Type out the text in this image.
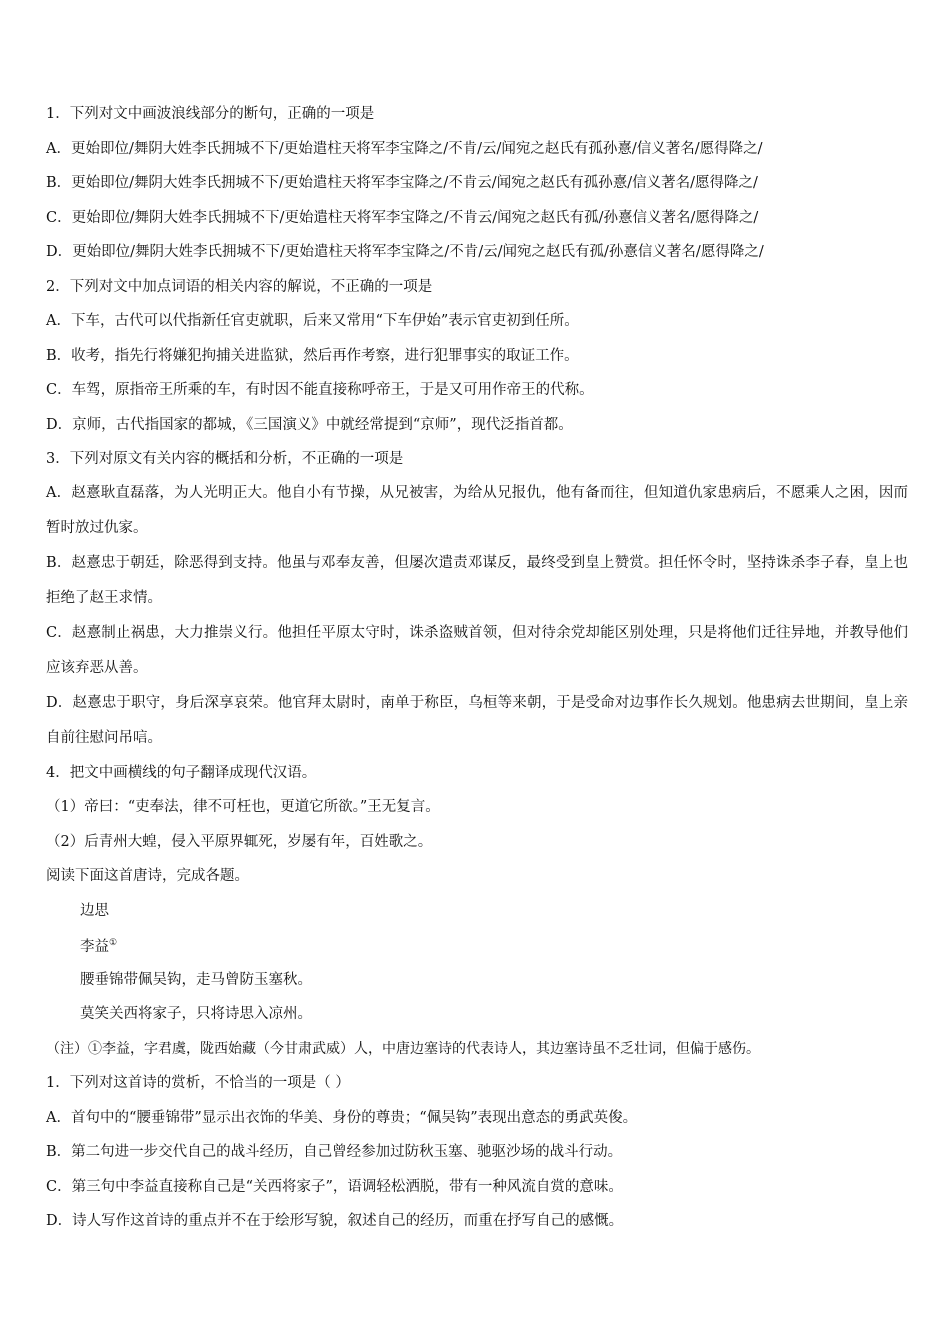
1．下列对文中画波浪线部分的断句，正确的一项是

A．更始即位/舞阴大姓李氏拥城不下/更始遣柱天将军李宝降之/不肯/云/闻宛之赵氏有孤孙憙/信义著名/愿得降之/

B．更始即位/舞阴大姓李氏拥城不下/更始遣柱天将军李宝降之/不肯云/闻宛之赵氏有孤孙憙/信义著名/愿得降之/

C．更始即位/舞阴大姓李氏拥城不下/更始遣柱天将军李宝降之/不肯云/闻宛之赵氏有孤/孙憙信义著名/愿得降之/

D．更始即位/舞阴大姓李氏拥城不下/更始遣柱天将军李宝降之/不肯/云/闻宛之赵氏有孤/孙憙信义著名/愿得降之/

2．下列对文中加点词语的相关内容的解说，不正确的一项是

A．下车，古代可以代指新任官吏就职，后来又常用“下车伊始”表示官吏初到任所。

B．收考，指先行将嫌犯拘捕关进监狱，然后再作考察，进行犯罪事实的取证工作。

C．车驾，原指帝王所乘的车，有时因不能直接称呼帝王，于是又可用作帝王的代称。

D．京师，古代指国家的都城，《三国演义》中就经常提到“京师”，现代泛指首都。

3．下列对原文有关内容的概括和分析，不正确的一项是

A．赵憙耿直磊落，为人光明正大。他自小有节操，从兄被害，为给从兄报仇，他有备而往，但知道仇家患病后，不愿乘人之困，因而暂时放过仇家。

B．赵憙忠于朝廷，除恶得到支持。他虽与邓奉友善，但屡次遣责邓谋反，最终受到皇上赞赏。担任怀令时，坚持诛杀李子春，皇上也拒绝了赵王求情。

C．赵憙制止祸患，大力推崇义行。他担任平原太守时，诛杀盗贼首领，但对待余党却能区别处理，只是将他们迁往异地，并教导他们应该弃恶从善。

D．赵憙忠于职守，身后深享哀荣。他官拜太尉时，南单于称臣，乌桓等来朝，于是受命对边事作长久规划。他患病去世期间，皇上亲自前往慰问吊唁。

4．把文中画横线的句子翻译成现代汉语。

（1）帝曰：“吏奉法，律不可枉也，更道它所欲。”王无复言。

（2）后青州大蝗，侵入平原界辄死，岁屡有年，百姓歌之。

阅读下面这首唐诗，完成各题。

边思

李益①

腰垂锦带佩吴钩，走马曾防玉塞秋。

莫笑关西将家子，只将诗思入凉州。

（注）①李益，字君虞，陇西始藏（今甘肃武威）人，中唐边塞诗的代表诗人，其边塞诗虽不乏壮词，但偏于感伤。

1．下列对这首诗的赏析，不恰当的一项是（ ）

A．首句中的“腰垂锦带”显示出衣饰的华美、身份的尊贵；“佩吴钩”表现出意态的勇武英俊。

B．第二句进一步交代自己的战斗经历，自己曾经参加过防秋玉塞、驰驱沙场的战斗行动。

C．第三句中李益直接称自己是“关西将家子”，语调轻松洒脱，带有一种风流自赏的意味。

D．诗人写作这首诗的重点并不在于绘形写貌，叙述自己的经历，而重在抒写自己的感慨。
